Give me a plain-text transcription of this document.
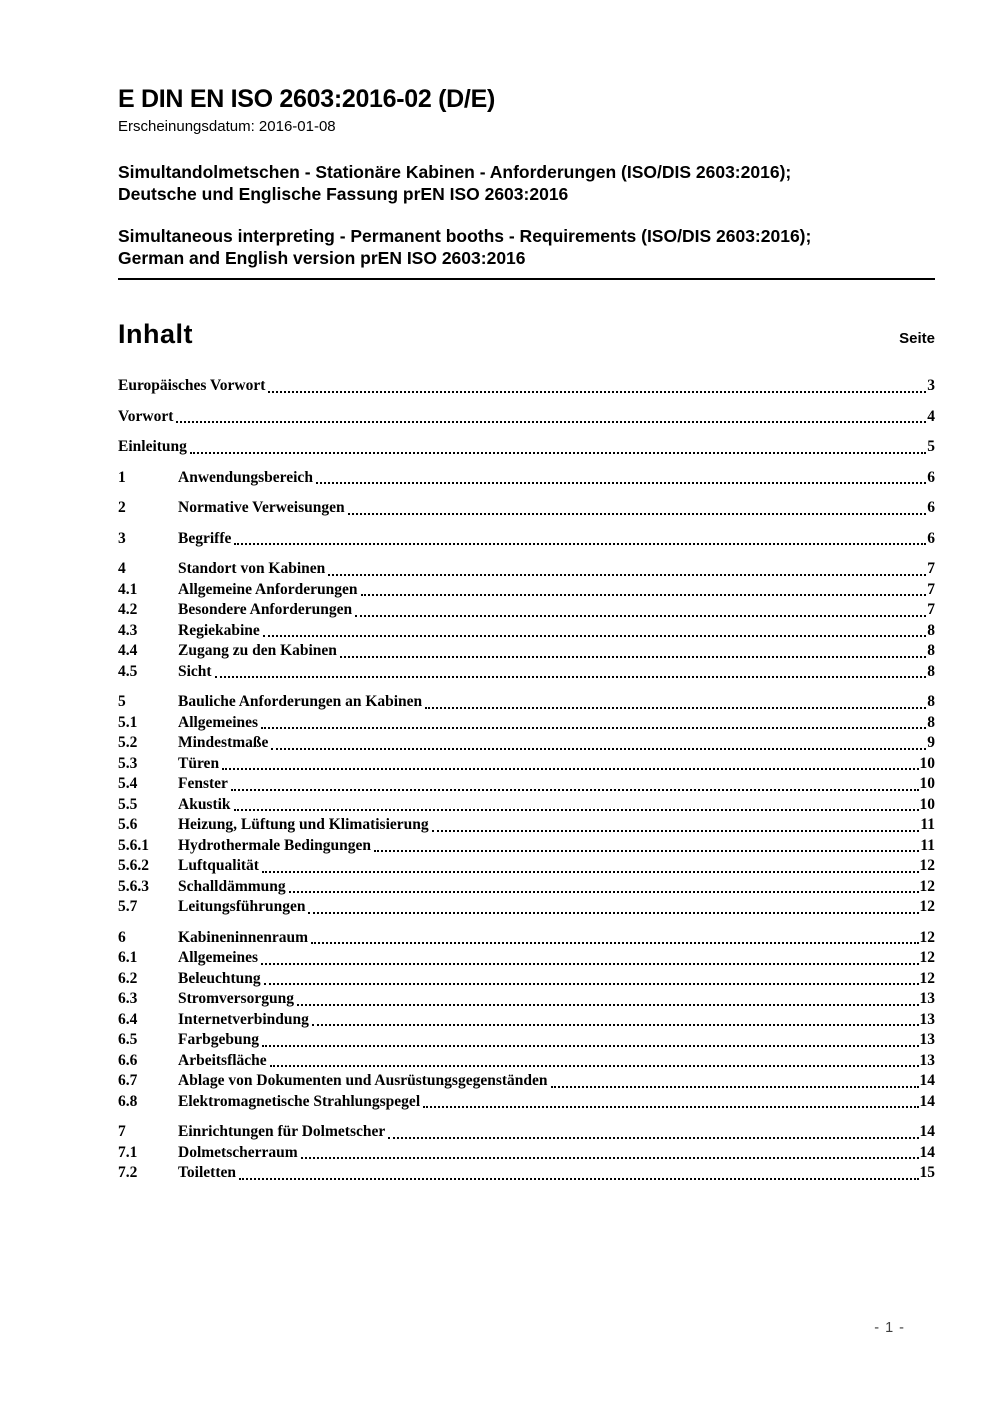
E DIN EN ISO 2603:2016-02 (D/E)
Erscheinungsdatum: 2016-01-08
Simultandolmetschen - Stationäre Kabinen - Anforderungen (ISO/DIS 2603:2016);
Deutsche und Englische Fassung prEN ISO 2603:2016
Simultaneous interpreting - Permanent booths - Requirements (ISO/DIS 2603:2016);
German and English version prEN ISO 2603:2016
Inhalt	Seite
Europäisches Vorwort	3
Vorwort	4
Einleitung	5
1	Anwendungsbereich	6
2	Normative Verweisungen	6
3	Begriffe	6
4	Standort von Kabinen	7
4.1	Allgemeine Anforderungen	7
4.2	Besondere Anforderungen	7
4.3	Regiekabine	8
4.4	Zugang zu den Kabinen	8
4.5	Sicht	8
5	Bauliche Anforderungen an Kabinen	8
5.1	Allgemeines	8
5.2	Mindestmaße	9
5.3	Türen	10
5.4	Fenster	10
5.5	Akustik	10
5.6	Heizung, Lüftung und Klimatisierung	11
5.6.1	Hydrothermale Bedingungen	11
5.6.2	Luftqualität	12
5.6.3	Schalldämmung	12
5.7	Leitungsführungen	12
6	Kabineninnenraum	12
6.1	Allgemeines	12
6.2	Beleuchtung	12
6.3	Stromversorgung	13
6.4	Internetverbindung	13
6.5	Farbgebung	13
6.6	Arbeitsfläche	13
6.7	Ablage von Dokumenten und Ausrüstungsgegenständen	14
6.8	Elektromagnetische Strahlungspegel	14
7	Einrichtungen für Dolmetscher	14
7.1	Dolmetscherraum	14
7.2	Toiletten	15
- 1 -
